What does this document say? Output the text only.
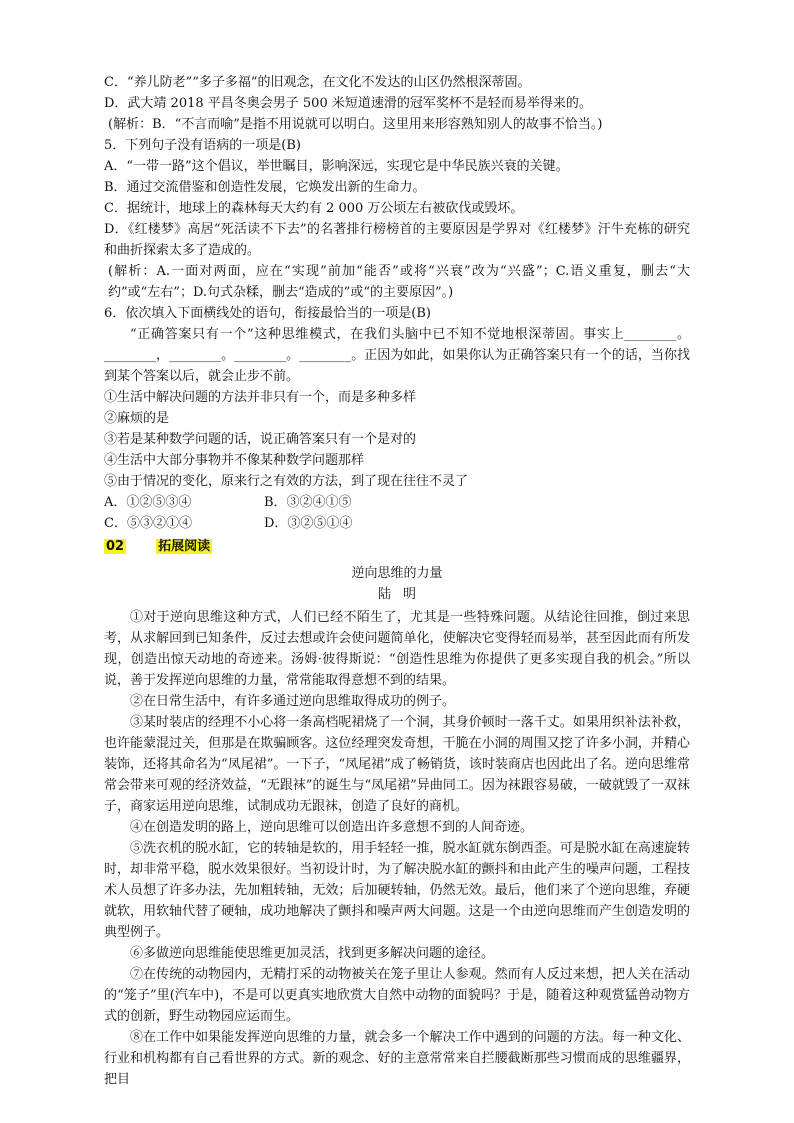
C．“养儿防老”“多子多福”的旧观念，在文化不发达的山区仍然根深蒂固。

D．武大靖 2018 平昌冬奥会男子 500 米短道速滑的冠军奖杯不是轻而易举得来的。

(解析：B．“不言而喻”是指不用说就可以明白。这里用来形容熟知别人的故事不恰当。)

5．下列句子没有语病的一项是(B)

A．“一带一路”这个倡议，举世瞩目，影响深远，实现它是中华民族兴衰的关键。

B．通过交流借鉴和创造性发展，它焕发出新的生命力。

C．据统计，地球上的森林每天大约有 2 000 万公顷左右被砍伐或毁坏。

D．《红楼梦》高居“死活读不下去”的名著排行榜榜首的主要原因是学界对《红楼梦》汗牛充栋的研究和曲折探索太多了造成的。

(解析：A.一面对两面，应在“实现”前加“能否”或将“兴衰”改为“兴盛”；C.语义重复，删去“大约”或“左右”；D.句式杂糅，删去“造成的”或“的主要原因”。)

6．依次填入下面横线处的语句，衔接最恰当的一项是(B)

“正确答案只有一个”这种思维模式，在我们头脑中已不知不觉地根深蒂固。事实上________。________，________。________。________。正因为如此，如果你认为正确答案只有一个的话，当你找到某个答案以后，就会止步不前。

①生活中解决问题的方法并非只有一个，而是多种多样

②麻烦的是

③若是某种数学问题的话，说正确答案只有一个是对的

④生活中大部分事物并不像某种数学问题那样

⑤由于情况的变化，原来行之有效的方法，到了现在往往不灵了

A．①②⑤③④	B．③②④①⑤
C．⑤③②①④	D．③②⑤①④
02	拓展阅读

逆向思维的力量

陆明

①对于逆向思维这种方式，人们已经不陌生了，尤其是一些特殊问题。从结论往回推，倒过来思考，从求解回到已知条件，反过去想或许会使问题简单化，使解决它变得轻而易举，甚至因此而有所发现，创造出惊天动地的奇迹来。汤姆·彼得斯说：“创造性思维为你提供了更多实现自我的机会。”所以说，善于发挥逆向思维的力量，常常能取得意想不到的结果。

②在日常生活中，有许多通过逆向思维取得成功的例子。

③某时装店的经理不小心将一条高档呢裙烧了一个洞，其身价顿时一落千丈。如果用织补法补救，也许能蒙混过关，但那是在欺骗顾客。这位经理突发奇想，干脆在小洞的周围又挖了许多小洞，并精心装饰，还将其命名为“凤尾裙”。一下子，“凤尾裙”成了畅销货，该时装商店也因此出了名。逆向思维常常会带来可观的经济效益，“无跟袜”的诞生与“凤尾裙”异曲同工。因为袜跟容易破，一破就毁了一双袜子，商家运用逆向思维，试制成功无跟袜，创造了良好的商机。

④在创造发明的路上，逆向思维可以创造出许多意想不到的人间奇迹。

⑤洗衣机的脱水缸，它的转轴是软的，用手轻轻一推，脱水缸就东倒西歪。可是脱水缸在高速旋转时，却非常平稳，脱水效果很好。当初设计时，为了解决脱水缸的颤抖和由此产生的噪声问题，工程技术人员想了许多办法，先加粗转轴，无效；后加硬转轴，仍然无效。最后，他们来了个逆向思维，弃硬就软，用软轴代替了硬轴，成功地解决了颤抖和噪声两大问题。这是一个由逆向思维而产生创造发明的典型例子。

⑥多做逆向思维能使思维更加灵活，找到更多解决问题的途径。

⑦在传统的动物园内，无精打采的动物被关在笼子里让人参观。然而有人反过来想，把人关在活动的“笼子”里(汽车中)，不是可以更真实地欣赏大自然中动物的面貌吗？于是，随着这种观赏猛兽动物方式的创新，野生动物园应运而生。

⑧在工作中如果能发挥逆向思维的力量，就会多一个解决工作中遇到的问题的方法。每一种文化、行业和机构都有自己看世界的方式。新的观念、好的主意常常来自拦腰截断那些习惯而成的思维疆界，把目
